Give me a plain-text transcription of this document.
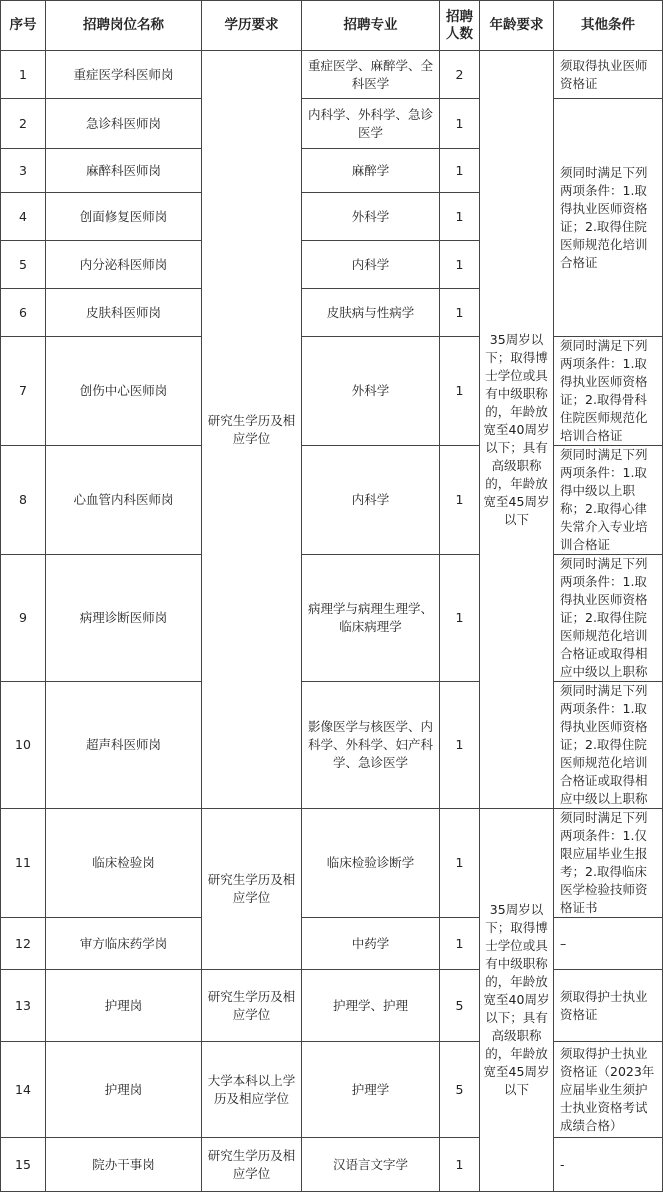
序号	招聘岗位名称	学历要求	招聘专业	招聘人数	年龄要求	其他条件
1	重症医学科医师岗	研究生学历及相应学位	重症医学、麻醉学、全科医学	2	35周岁以下；取得博士学位或具有中级职称的，年龄放宽至40周岁以下；具有高级职称的，年龄放宽至45周岁以下	须取得执业医师资格证
2	急诊科医师岗		内科学、外科学、急诊医学	1		须同时满足下列两项条件：1.取得执业医师资格证；2.取得住院医师规范化培训合格证
3	麻醉科医师岗		麻醉学	1		
4	创面修复医师岗		外科学	1		
5	内分泌科医师岗		内科学	1		
6	皮肤科医师岗		皮肤病与性病学	1		
7	创伤中心医师岗		外科学	1		须同时满足下列两项条件：1.取得执业医师资格证；2.取得骨科住院医师规范化培训合格证
8	心血管内科医师岗		内科学	1		须同时满足下列两项条件：1.取得中级以上职称；2.取得心律失常介入专业培训合格证
9	病理诊断医师岗		病理学与病理生理学、临床病理学	1		须同时满足下列两项条件：1.取得执业医师资格证；2.取得住院医师规范化培训合格证或取得相应中级以上职称
10	超声科医师岗		影像医学与核医学、内科学、外科学、妇产科学、急诊医学	1		须同时满足下列两项条件：1.取得执业医师资格证；2.取得住院医师规范化培训合格证或取得相应中级以上职称
11	临床检验岗	研究生学历及相应学位	临床检验诊断学	1	35周岁以下；取得博士学位或具有中级职称的，年龄放宽至40周岁以下；具有高级职称的，年龄放宽至45周岁以下	须同时满足下列两项条件：1.仅限应届毕业生报考；2.取得临床医学检验技师资格证书
12	审方临床药学岗		中药学	1		–
13	护理岗	研究生学历及相应学位	护理学、护理	5		须取得护士执业资格证
14	护理岗	大学本科以上学历及相应学位	护理学	5		须取得护士执业资格证（2023年应届毕业生须护士执业资格考试成绩合格）
15	院办干事岗	研究生学历及相应学位	汉语言文字学	1		-
